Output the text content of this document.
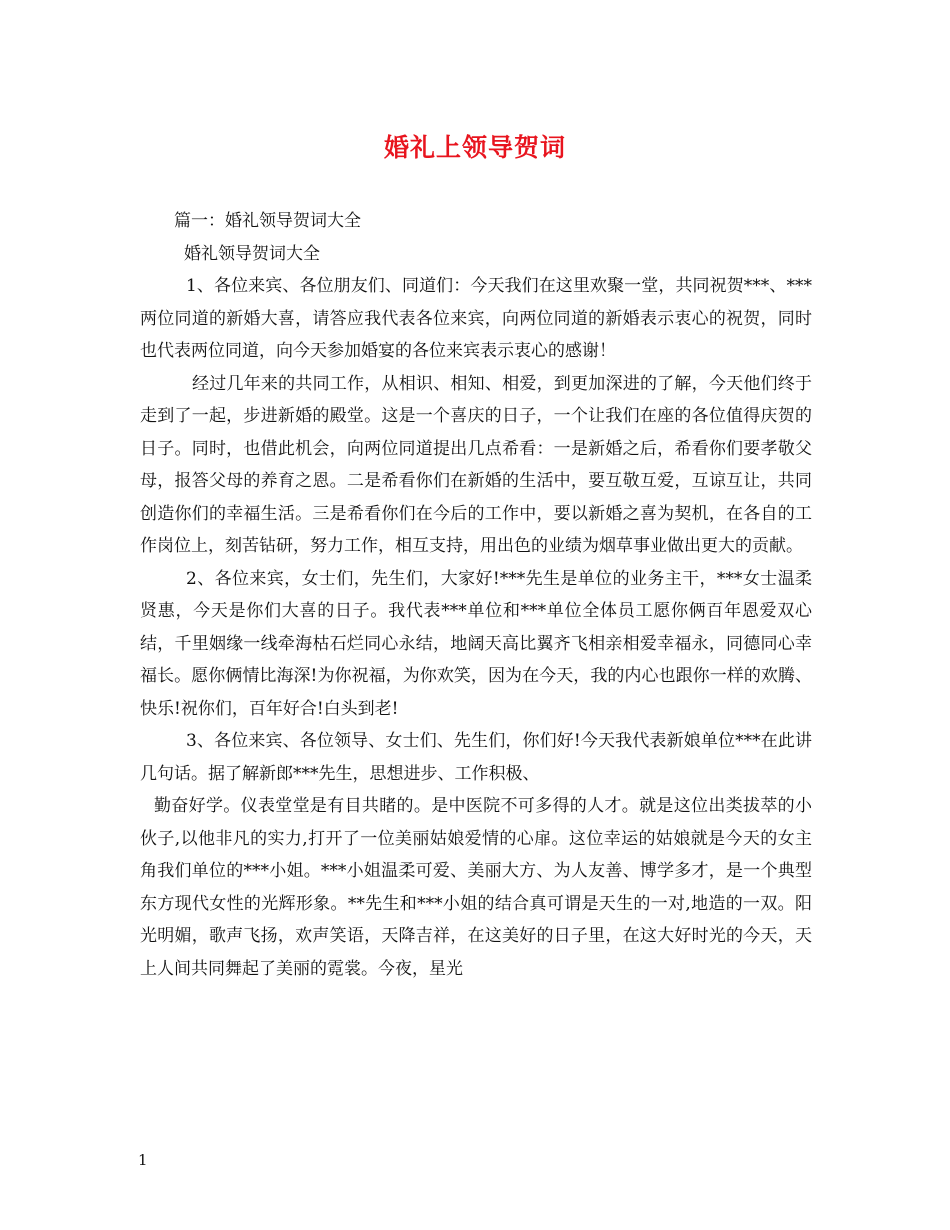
婚礼上领导贺词

篇一：婚礼领导贺词大全

婚礼领导贺词大全

1、各位来宾、各位朋友们、同道们：今天我们在这里欢聚一堂，共同祝贺***、***两位同道的新婚大喜，请答应我代表各位来宾，向两位同道的新婚表示衷心的祝贺，同时也代表两位同道，向今天参加婚宴的各位来宾表示衷心的感谢！

经过几年来的共同工作，从相识、相知、相爱，到更加深进的了解，今天他们终于走到了一起，步进新婚的殿堂。这是一个喜庆的日子，一个让我们在座的各位值得庆贺的日子。同时，也借此机会，向两位同道提出几点希看：一是新婚之后，希看你们要孝敬父母，报答父母的养育之恩。二是希看你们在新婚的生活中，要互敬互爱，互谅互让，共同创造你们的幸福生活。三是希看你们在今后的工作中，要以新婚之喜为契机，在各自的工作岗位上，刻苦钻研，努力工作，相互支持，用出色的业绩为烟草事业做出更大的贡献。

2、各位来宾，女士们，先生们，大家好!***先生是单位的业务主干，***女士温柔贤惠，今天是你们大喜的日子。我代表***单位和***单位全体员工愿你俩百年恩爱双心结，千里姻缘一线牵海枯石烂同心永结，地阔天高比翼齐飞相亲相爱幸福永，同德同心幸福长。愿你俩情比海深!为你祝福，为你欢笑，因为在今天，我的内心也跟你一样的欢腾、快乐!祝你们，百年好合!白头到老!

3、各位来宾、各位领导、女士们、先生们，你们好!今天我代表新娘单位***在此讲几句话。据了解新郎***先生，思想进步、工作积极、

勤奋好学。仪表堂堂是有目共睹的。是中医院不可多得的人才。就是这位出类拔萃的小伙子,以他非凡的实力,打开了一位美丽姑娘爱情的心扉。这位幸运的姑娘就是今天的女主角我们单位的***小姐。***小姐温柔可爱、美丽大方、为人友善、博学多才，是一个典型东方现代女性的光辉形象。**先生和***小姐的结合真可谓是天生的一对,地造的一双。阳光明媚，歌声飞扬，欢声笑语，天降吉祥，在这美好的日子里，在这大好时光的今天，天上人间共同舞起了美丽的霓裳。今夜，星光

1
